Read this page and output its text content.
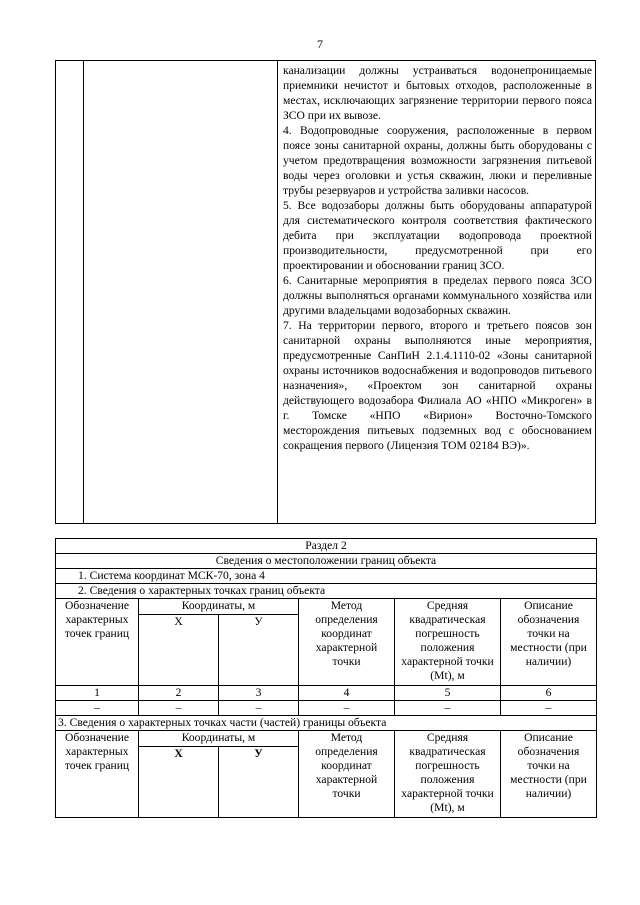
7

канализации должны устраиваться водонепроницаемые приемники нечистот и бытовых отходов, расположенные в местах, исключающих загрязнение территории первого пояса ЗСО при их вывозе.

4. Водопроводные сооружения, расположенные в первом поясе зоны санитарной охраны, должны быть оборудованы с учетом предотвращения возможности загрязнения питьевой воды через оголовки и устья скважин, люки и переливные трубы резервуаров и устройства заливки насосов.

5. Все водозаборы должны быть оборудованы аппаратурой для систематического контроля соответствия фактического дебита при эксплуатации водопровода проектной производительности, предусмотренной при его проектировании и обосновании границ ЗСО.

6. Санитарные мероприятия в пределах первого пояса ЗСО должны выполняться органами коммунального хозяйства или другими владельцами водозаборных скважин.

7. На территории первого, второго и третьего поясов зон санитарной охраны выполняются иные мероприятия, предусмотренные СанПиН 2.1.4.1110-02 «Зоны санитарной охраны источников водоснабжения и водопроводов питьевого назначения», «Проектом зон санитарной охраны действующего водозабора Филиала АО «НПО «Микроген» в г. Томске «НПО «Вирион» Восточно-Томского месторождения питьевых подземных вод с обоснованием сокращения первого (Лицензия ТОМ 02184 ВЭ)».

Раздел 2					
Сведения о местоположении границ объекта					
1. Система координат МСК-70, зона 4					
2. Сведения о характерных точках границ объекта					
Обозначение характерных точек границ	Координаты, м		Метод определения координат характерной точки	Средняя квадратическая погрешность положения характерной точки (Mt), м	Описание обозначения точки на местности (при наличии)
	Х	У			
1	2	3	4	5	6
–	–	–	–	–	–
3. Сведения о характерных точках части (частей) границы объекта					
Обозначение характерных точек границ	Координаты, м		Метод определения координат характерной точки	Средняя квадратическая погрешность положения характерной точки (Mt), м	Описание обозначения точки на местности (при наличии)
	Х	У			
